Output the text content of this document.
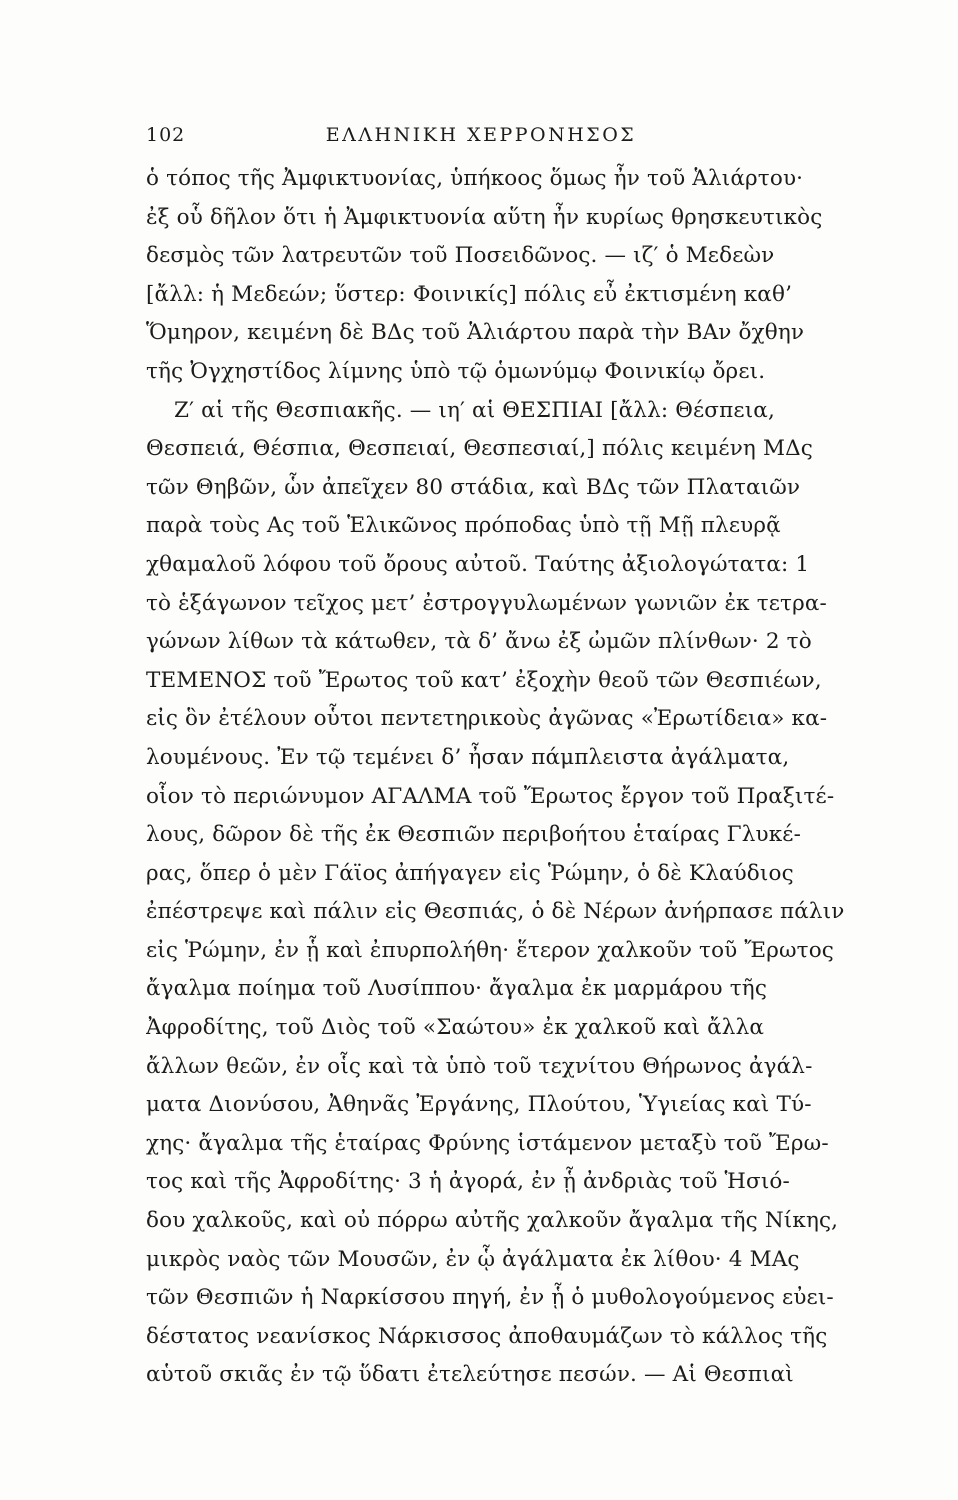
102	ΕΛΛΗΝΙΚΗ ΧΕΡΡΟΝΗΣΟΣ
ὁ τόπος τῆς Ἀμφικτυονίας, ὑπήκοος ὅμως ἦν τοῦ Ἁλιάρτου·
ἐξ οὗ δῆλον ὅτι ἡ Ἀμφικτυονία αὕτη ἦν κυρίως θρησκευτικὸς
δεσμὸς τῶν λατρευτῶν τοῦ Ποσειδῶνος. — ιζ′ ὁ Μεδεὼν
[ἄλλ: ἡ Μεδεών; ὕστερ: Φοινικίς] πόλις εὖ ἐκτισμένη καθ’
Ὅμηρον, κειμένη δὲ ΒΔς τοῦ Ἁλιάρτου παρὰ τὴν ΒΑν ὄχθην
τῆς Ὀγχηστίδος λίμνης ὑπὸ τῷ ὁμωνύμῳ Φοινικίῳ ὄρει.
Ζ′ αἱ τῆς Θεσπιακῆς. — ιη′ αἱ ΘΕΣΠΙΑΙ [ἄλλ: Θέσπεια,
Θεσπειά, Θέσπια, Θεσπειαί, Θεσπεσιαί,] πόλις κειμένη ΜΔς
τῶν Θηβῶν, ὧν ἀπεῖχεν 80 στάδια, καὶ ΒΔς τῶν Πλαταιῶν
παρὰ τοὺς Ας τοῦ Ἑλικῶνος πρόποδας ὑπὸ τῇ Μῇ πλευρᾷ
χθαμαλοῦ λόφου τοῦ ὄρους αὐτοῦ. Ταύτης ἀξιολογώτατα: 1
τὸ ἑξάγωνον τεῖχος μετ’ ἐστρογγυλωμένων γωνιῶν ἐκ τετρα-
γώνων λίθων τὰ κάτωθεν, τὰ δ’ ἄνω ἐξ ὠμῶν πλίνθων· 2 τὸ
ΤΕΜΕΝΟΣ τοῦ Ἔρωτος τοῦ κατ’ ἐξοχὴν θεοῦ τῶν Θεσπιέων,
εἰς ὃν ἐτέλουν οὗτοι πεντετηρικοὺς ἀγῶνας «Ἐρωτίδεια» κα-
λουμένους. Ἐν τῷ τεμένει δ’ ἦσαν πάμπλειστα ἀγάλματα,
οἷον τὸ περιώνυμον ΑΓΑΛΜΑ τοῦ Ἔρωτος ἔργον τοῦ Πραξιτέ-
λους, δῶρον δὲ τῆς ἐκ Θεσπιῶν περιβοήτου ἑταίρας Γλυκέ-
ρας, ὅπερ ὁ μὲν Γάϊος ἀπήγαγεν εἰς Ῥώμην, ὁ δὲ Κλαύδιος
ἐπέστρεψε καὶ πάλιν εἰς Θεσπιάς, ὁ δὲ Νέρων ἀνήρπασε πάλιν
εἰς Ῥώμην, ἐν ᾗ καὶ ἐπυρπολήθη· ἕτερον χαλκοῦν τοῦ Ἔρωτος
ἄγαλμα ποίημα τοῦ Λυσίππου· ἄγαλμα ἐκ μαρμάρου τῆς
Ἀφροδίτης, τοῦ Διὸς τοῦ «Σαώτου» ἐκ χαλκοῦ καὶ ἄλλα
ἄλλων θεῶν, ἐν οἷς καὶ τὰ ὑπὸ τοῦ τεχνίτου Θήρωνος ἀγάλ-
ματα Διονύσου, Ἀθηνᾶς Ἐργάνης, Πλούτου, Ὑγιείας καὶ Τύ-
χης· ἄγαλμα τῆς ἑταίρας Φρύνης ἱστάμενον μεταξὺ τοῦ Ἔρω-
τος καὶ τῆς Ἀφροδίτης· 3 ἡ ἀγορά, ἐν ᾗ ἀνδριὰς τοῦ Ἡσιό-
δου χαλκοῦς, καὶ οὐ πόρρω αὐτῆς χαλκοῦν ἄγαλμα τῆς Νίκης,
μικρὸς ναὸς τῶν Μουσῶν, ἐν ᾧ ἀγάλματα ἐκ λίθου· 4 ΜΑς
τῶν Θεσπιῶν ἡ Ναρκίσσου πηγή, ἐν ᾗ ὁ μυθολογούμενος εὐει-
δέστατος νεανίσκος Νάρκισσος ἀποθαυμάζων τὸ κάλλος τῆς
αὑτοῦ σκιᾶς ἐν τῷ ὕδατι ἐτελεύτησε πεσών. — Αἱ Θεσπιαὶ
